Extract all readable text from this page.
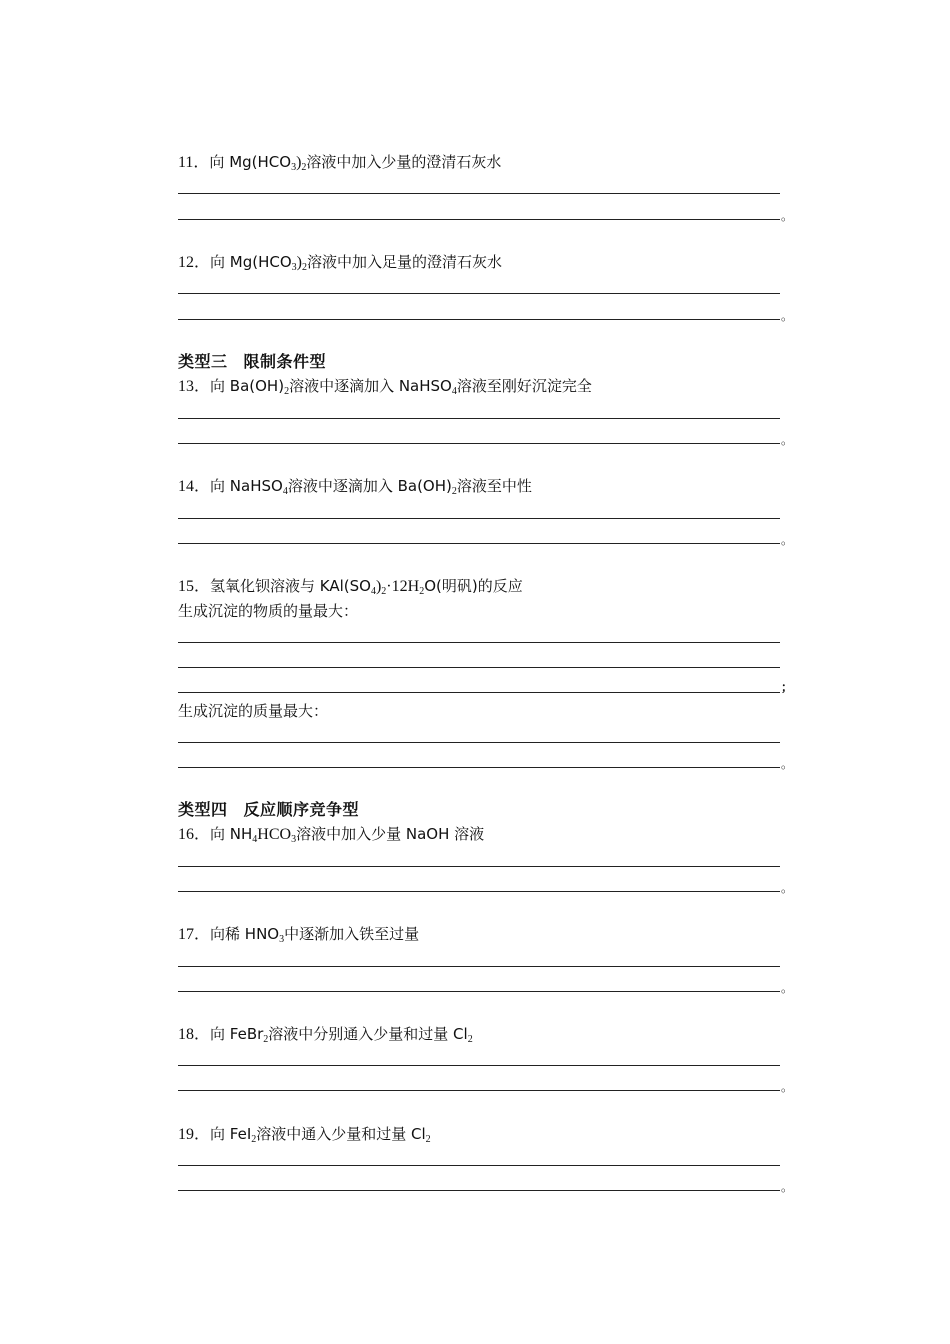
11．向 Mg(HCO3)2溶液中加入少量的澄清石灰水
。
12．向 Mg(HCO3)2溶液中加入足量的澄清石灰水
。
类型三 限制条件型
13．向 Ba(OH)2溶液中逐滴加入 NaHSO4溶液至刚好沉淀完全
。
14．向 NaHSO4溶液中逐滴加入 Ba(OH)2溶液至中性
。
15．氢氧化钡溶液与 KAl(SO4)2·12H2O(明矾)的反应
生成沉淀的物质的量最大：
；
生成沉淀的质量最大：
。
类型四 反应顺序竞争型
16．向 NH4HCO3溶液中加入少量 NaOH 溶液
。
17．向稀 HNO3中逐渐加入铁至过量
。
18．向 FeBr2溶液中分别通入少量和过量 Cl2
。
19．向 FeI2溶液中通入少量和过量 Cl2
。
